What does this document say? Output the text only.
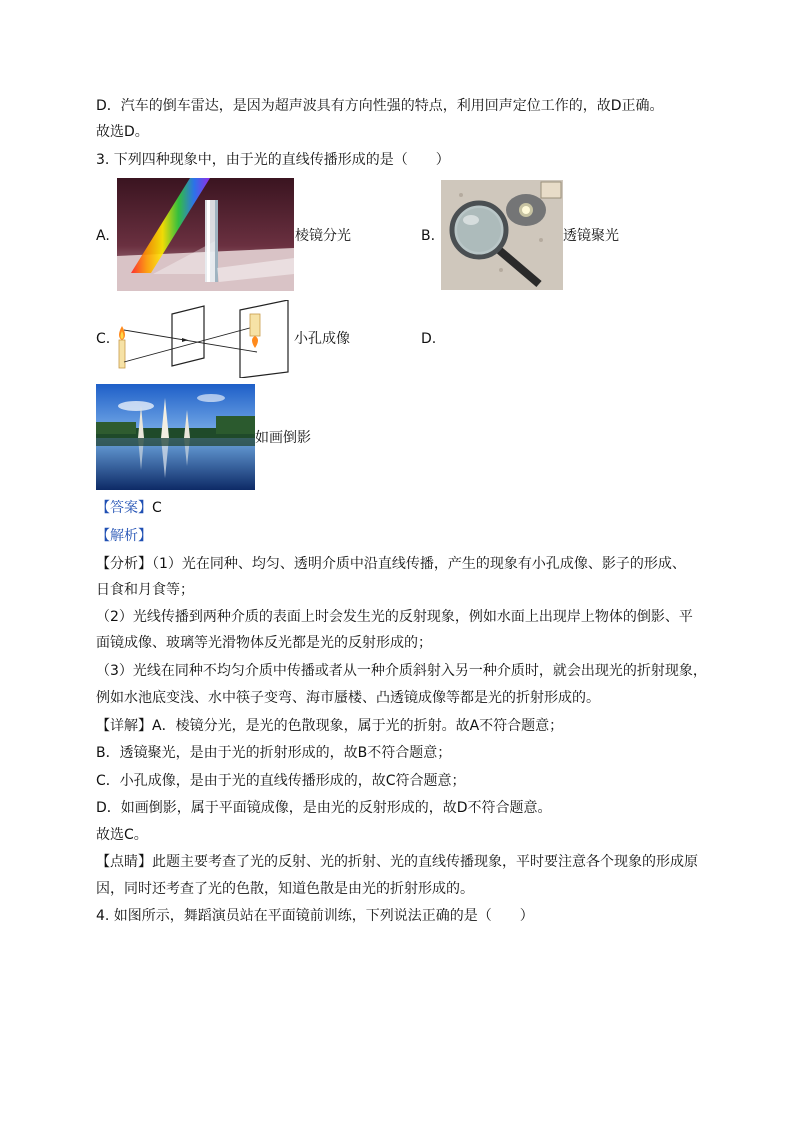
D．汽车的倒车雷达，是因为超声波具有方向性强的特点，利用回声定位工作的，故D正确。
故选D。
3. 下列四种现象中，由于光的直线传播形成的是（　　）
A.	棱镜分光	B.	透镜聚光
C.	小孔成像	D.
如画倒影
【答案】C
【解析】
【分析】（1）光在同种、均匀、透明介质中沿直线传播，产生的现象有小孔成像、影子的形成、
日食和月食等；
（2）光线传播到两种介质的表面上时会发生光的反射现象，例如水面上出现岸上物体的倒影、平
面镜成像、玻璃等光滑物体反光都是光的反射形成的；
（3）光线在同种不均匀介质中传播或者从一种介质斜射入另一种介质时，就会出现光的折射现象，
例如水池底变浅、水中筷子变弯、海市蜃楼、凸透镜成像等都是光的折射形成的。
【详解】A．棱镜分光，是光的色散现象，属于光的折射。故A不符合题意；
B．透镜聚光，是由于光的折射形成的，故B不符合题意；
C．小孔成像，是由于光的直线传播形成的，故C符合题意；
D．如画倒影，属于平面镜成像，是由光的反射形成的，故D不符合题意。
故选C。
【点睛】此题主要考查了光的反射、光的折射、光的直线传播现象，平时要注意各个现象的形成原
因，同时还考查了光的色散，知道色散是由光的折射形成的。
4. 如图所示，舞蹈演员站在平面镜前训练，下列说法正确的是（　　）
